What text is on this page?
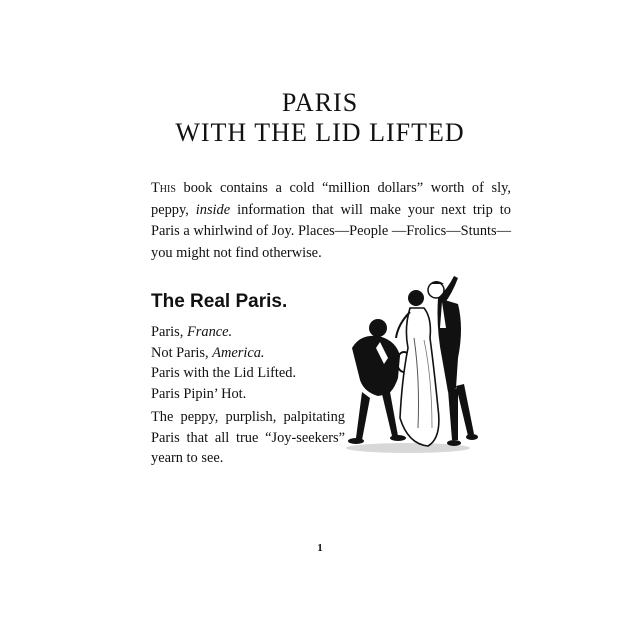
PARIS
WITH THE LID LIFTED

This book contains a cold “million dollars” worth of sly, peppy, inside information that will make your next trip to Paris a whirlwind of Joy. Places—People —Frolics—Stunts—you might not find otherwise.

The Real Paris.
Paris, France.
Not Paris, America.
Paris with the Lid Lifted.
Paris Pipin’ Hot.

The peppy, purplish, palpitating Paris that all true “Joy-seekers” yearn to see.

1
